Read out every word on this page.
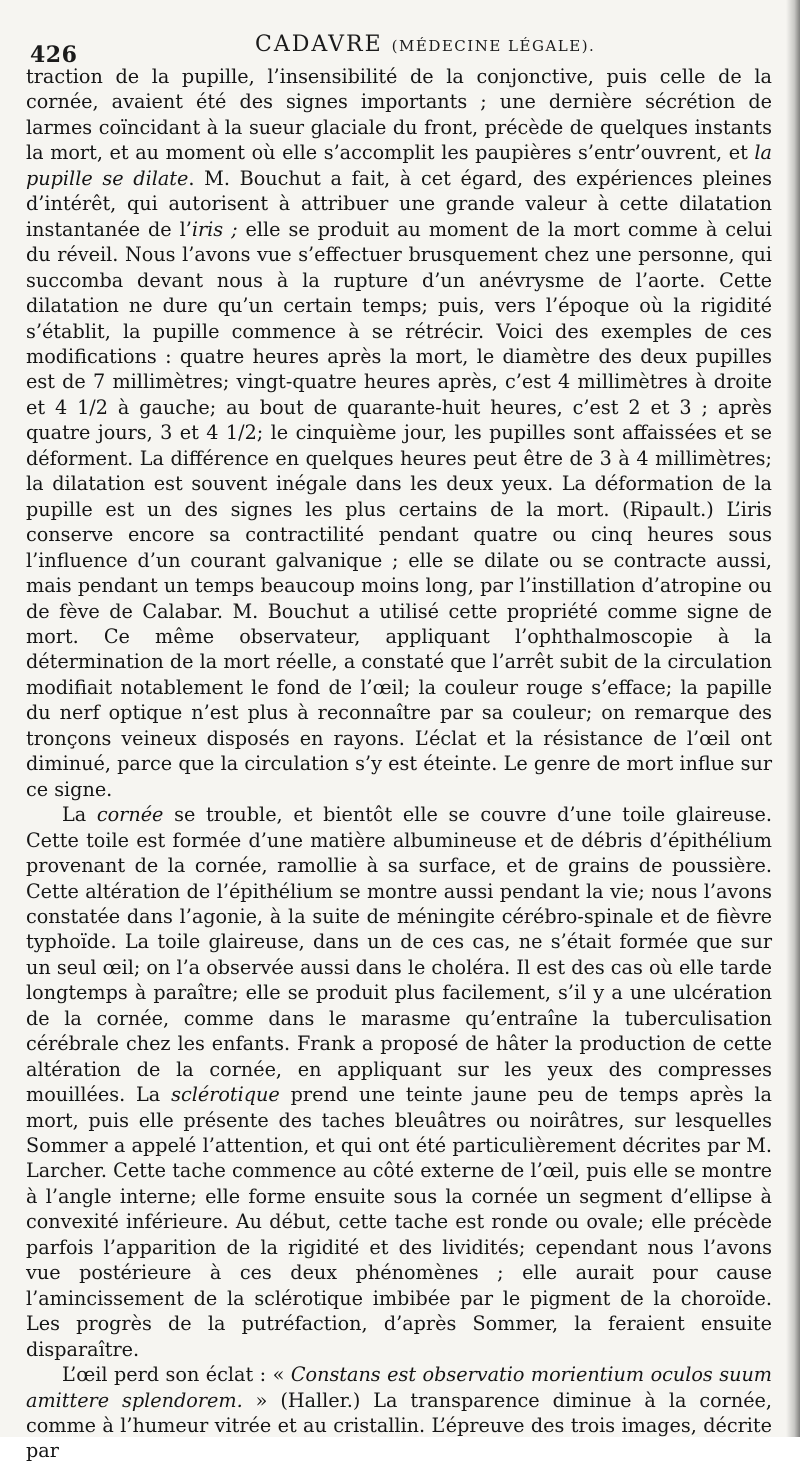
426	CADAVRE (MÉDECINE LÉGALE).

traction de la pupille, l’insensibilité de la conjonctive, puis celle de la cornée, avaient été des signes importants ; une dernière sécrétion de larmes coïncidant à la sueur glaciale du front, précède de quelques instants la mort, et au moment où elle s’accomplit les paupières s’entr’ouvrent, et la pupille se dilate. M. Bouchut a fait, à cet égard, des expériences pleines d’intérêt, qui autorisent à attribuer une grande valeur à cette dilatation instantanée de l’iris ; elle se produit au moment de la mort comme à celui du réveil. Nous l’avons vue s’effectuer brusquement chez une personne, qui succomba devant nous à la rupture d’un anévrysme de l’aorte. Cette dilatation ne dure qu’un certain temps; puis, vers l’époque où la rigidité s’établit, la pupille commence à se rétrécir. Voici des exemples de ces modifications : quatre heures après la mort, le diamètre des deux pupilles est de 7 millimètres; vingt-quatre heures après, c’est 4 millimètres à droite et 4 1/2 à gauche; au bout de quarante-huit heures, c’est 2 et 3 ; après quatre jours, 3 et 4 1/2; le cinquième jour, les pupilles sont affaissées et se déforment. La différence en quelques heures peut être de 3 à 4 millimètres; la dilatation est souvent inégale dans les deux yeux. La déformation de la pupille est un des signes les plus certains de la mort. (Ripault.) L’iris conserve encore sa contractilité pendant quatre ou cinq heures sous l’influence d’un courant galvanique ; elle se dilate ou se contracte aussi, mais pendant un temps beaucoup moins long, par l’instillation d’atropine ou de fève de Calabar. M. Bouchut a utilisé cette propriété comme signe de mort. Ce même observateur, appliquant l’ophthalmoscopie à la détermination de la mort réelle, a constaté que l’arrêt subit de la circulation modifiait notablement le fond de l’œil; la couleur rouge s’efface; la papille du nerf optique n’est plus à reconnaître par sa couleur; on remarque des tronçons veineux disposés en rayons. L’éclat et la résistance de l’œil ont diminué, parce que la circulation s’y est éteinte. Le genre de mort influe sur ce signe.

La cornée se trouble, et bientôt elle se couvre d’une toile glaireuse. Cette toile est formée d’une matière albumineuse et de débris d’épithélium provenant de la cornée, ramollie à sa surface, et de grains de poussière. Cette altération de l’épithélium se montre aussi pendant la vie; nous l’avons constatée dans l’agonie, à la suite de méningite cérébro-spinale et de fièvre typhoïde. La toile glaireuse, dans un de ces cas, ne s’était formée que sur un seul œil; on l’a observée aussi dans le choléra. Il est des cas où elle tarde longtemps à paraître; elle se produit plus facilement, s’il y a une ulcération de la cornée, comme dans le marasme qu’entraîne la tuberculisation cérébrale chez les enfants. Frank a proposé de hâter la production de cette altération de la cornée, en appliquant sur les yeux des compresses mouillées. La sclérotique prend une teinte jaune peu de temps après la mort, puis elle présente des taches bleuâtres ou noirâtres, sur lesquelles Sommer a appelé l’attention, et qui ont été particulièrement décrites par M. Larcher. Cette tache commence au côté externe de l’œil, puis elle se montre à l’angle interne; elle forme ensuite sous la cornée un segment d’ellipse à convexité inférieure. Au début, cette tache est ronde ou ovale; elle précède parfois l’apparition de la rigidité et des lividités; cependant nous l’avons vue postérieure à ces deux phénomènes ; elle aurait pour cause l’amincissement de la sclérotique imbibée par le pigment de la choroïde. Les progrès de la putréfaction, d’après Sommer, la feraient ensuite disparaître.

L’œil perd son éclat : « Constans est observatio morientium oculos suum amittere splendorem. » (Haller.) La transparence diminue à la cornée, comme à l’humeur vitrée et au cristallin. L’épreuve des trois images, décrite par
